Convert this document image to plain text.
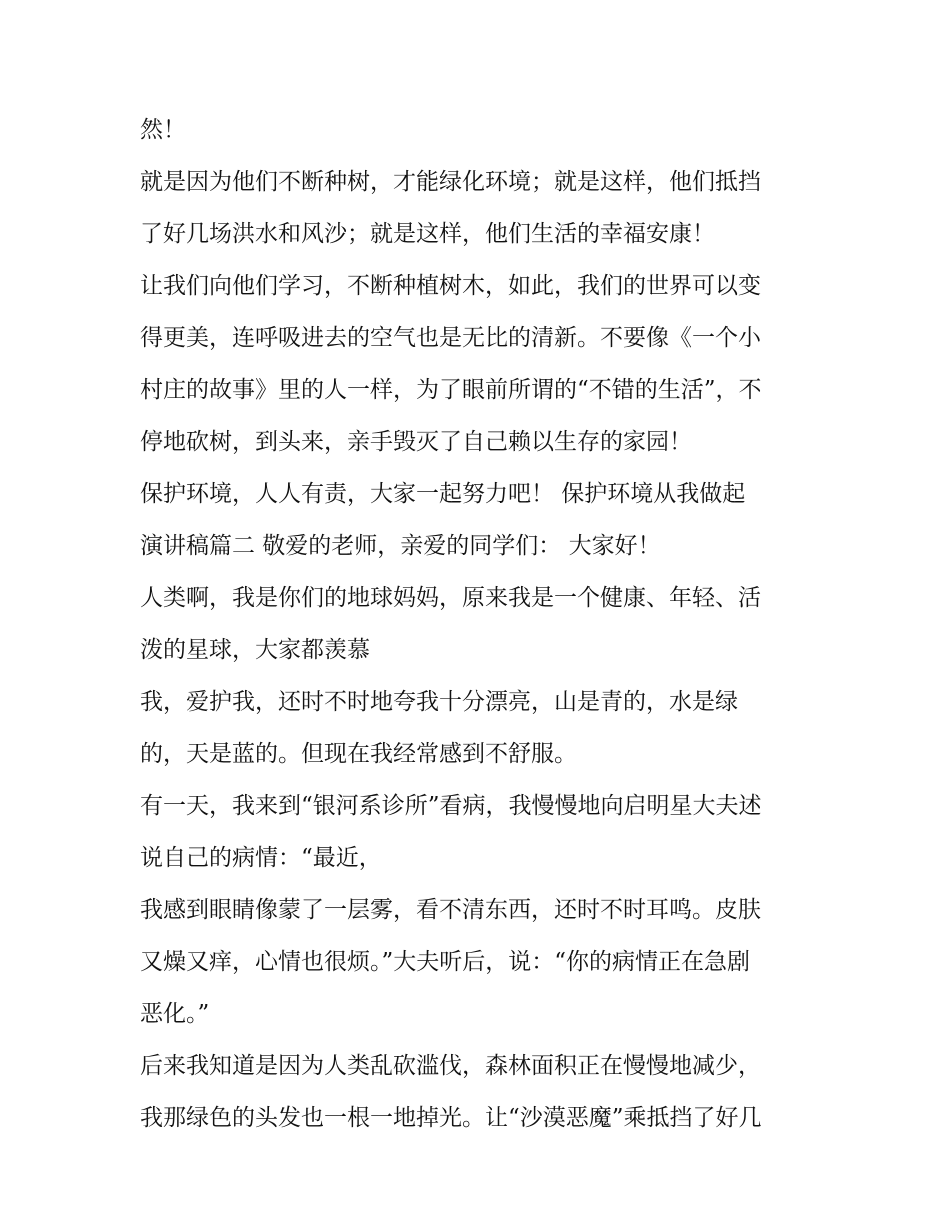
然！

就是因为他们不断种树，才能绿化环境；就是这样，他们抵挡

了好几场洪水和风沙；就是这样，他们生活的幸福安康！

让我们向他们学习，不断种植树木，如此，我们的世界可以变

得更美，连呼吸进去的空气也是无比的清新。不要像《一个小

村庄的故事》里的人一样，为了眼前所谓的“不错的生活”，不

停地砍树，到头来，亲手毁灭了自己赖以生存的家园！

保护环境，人人有责，大家一起努力吧！ 保护环境从我做起

演讲稿篇二 敬爱的老师，亲爱的同学们： 大家好！

人类啊，我是你们的地球妈妈，原来我是一个健康、年轻、活

泼的星球，大家都羡慕

我，爱护我，还时不时地夸我十分漂亮，山是青的，水是绿

的，天是蓝的。但现在我经常感到不舒服。

有一天，我来到“银河系诊所”看病，我慢慢地向启明星大夫述

说自己的病情：“最近，

我感到眼睛像蒙了一层雾，看不清东西，还时不时耳鸣。皮肤

又燥又痒，心情也很烦。”大夫听后，说：“你的病情正在急剧

恶化。”

后来我知道是因为人类乱砍滥伐，森林面积正在慢慢地减少，

我那绿色的头发也一根一地掉光。让“沙漠恶魔”乘抵挡了好几
